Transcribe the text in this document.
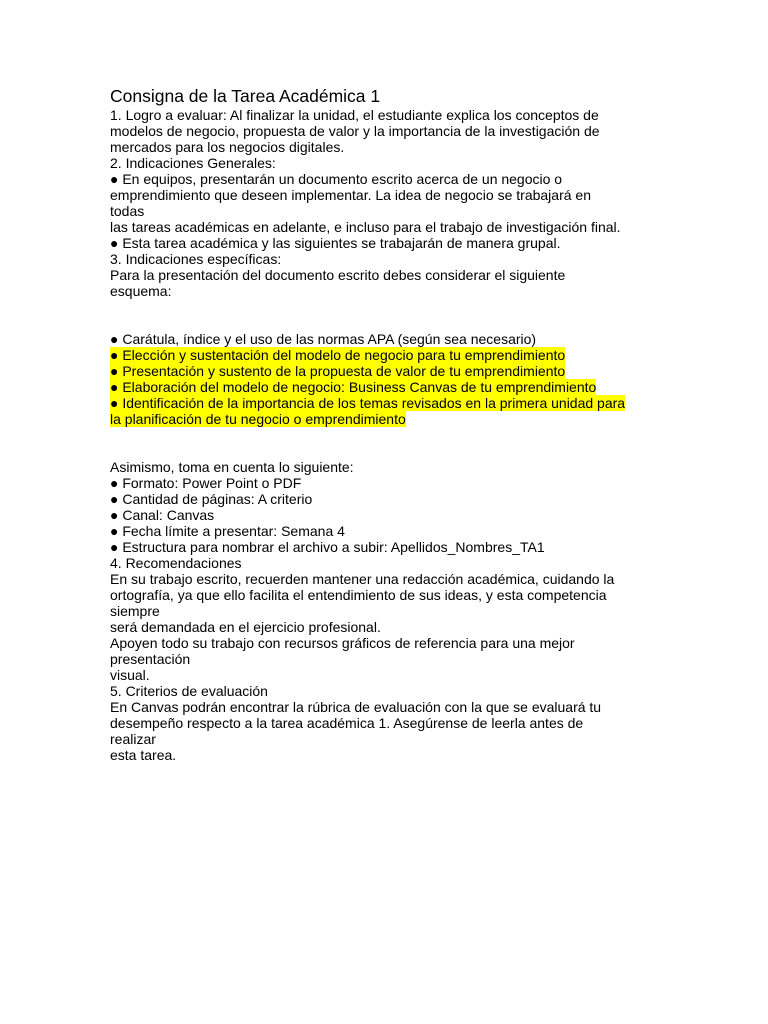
Consigna de la Tarea Académica 1
1. Logro a evaluar: Al finalizar la unidad, el estudiante explica los conceptos de
modelos de negocio, propuesta de valor y la importancia de la investigación de
mercados para los negocios digitales.
2. Indicaciones Generales:
● En equipos, presentarán un documento escrito acerca de un negocio o
emprendimiento que deseen implementar. La idea de negocio se trabajará en
todas
las tareas académicas en adelante, e incluso para el trabajo de investigación final.
● Esta tarea académica y las siguientes se trabajarán de manera grupal.
3. Indicaciones específicas:
Para la presentación del documento escrito debes considerar el siguiente
esquema:
● Carátula, índice y el uso de las normas APA (según sea necesario)
● Elección y sustentación del modelo de negocio para tu emprendimiento
● Presentación y sustento de la propuesta de valor de tu emprendimiento
● Elaboración del modelo de negocio: Business Canvas de tu emprendimiento
● Identificación de la importancia de los temas revisados en la primera unidad para
la planificación de tu negocio o emprendimiento
Asimismo, toma en cuenta lo siguiente:
● Formato: Power Point o PDF
● Cantidad de páginas: A criterio
● Canal: Canvas
● Fecha límite a presentar: Semana 4
● Estructura para nombrar el archivo a subir: Apellidos_Nombres_TA1
4. Recomendaciones
En su trabajo escrito, recuerden mantener una redacción académica, cuidando la
ortografía, ya que ello facilita el entendimiento de sus ideas, y esta competencia
siempre
será demandada en el ejercicio profesional.
Apoyen todo su trabajo con recursos gráficos de referencia para una mejor
presentación
visual.
5. Criterios de evaluación
En Canvas podrán encontrar la rúbrica de evaluación con la que se evaluará tu
desempeño respecto a la tarea académica 1. Asegúrense de leerla antes de
realizar
esta tarea.
